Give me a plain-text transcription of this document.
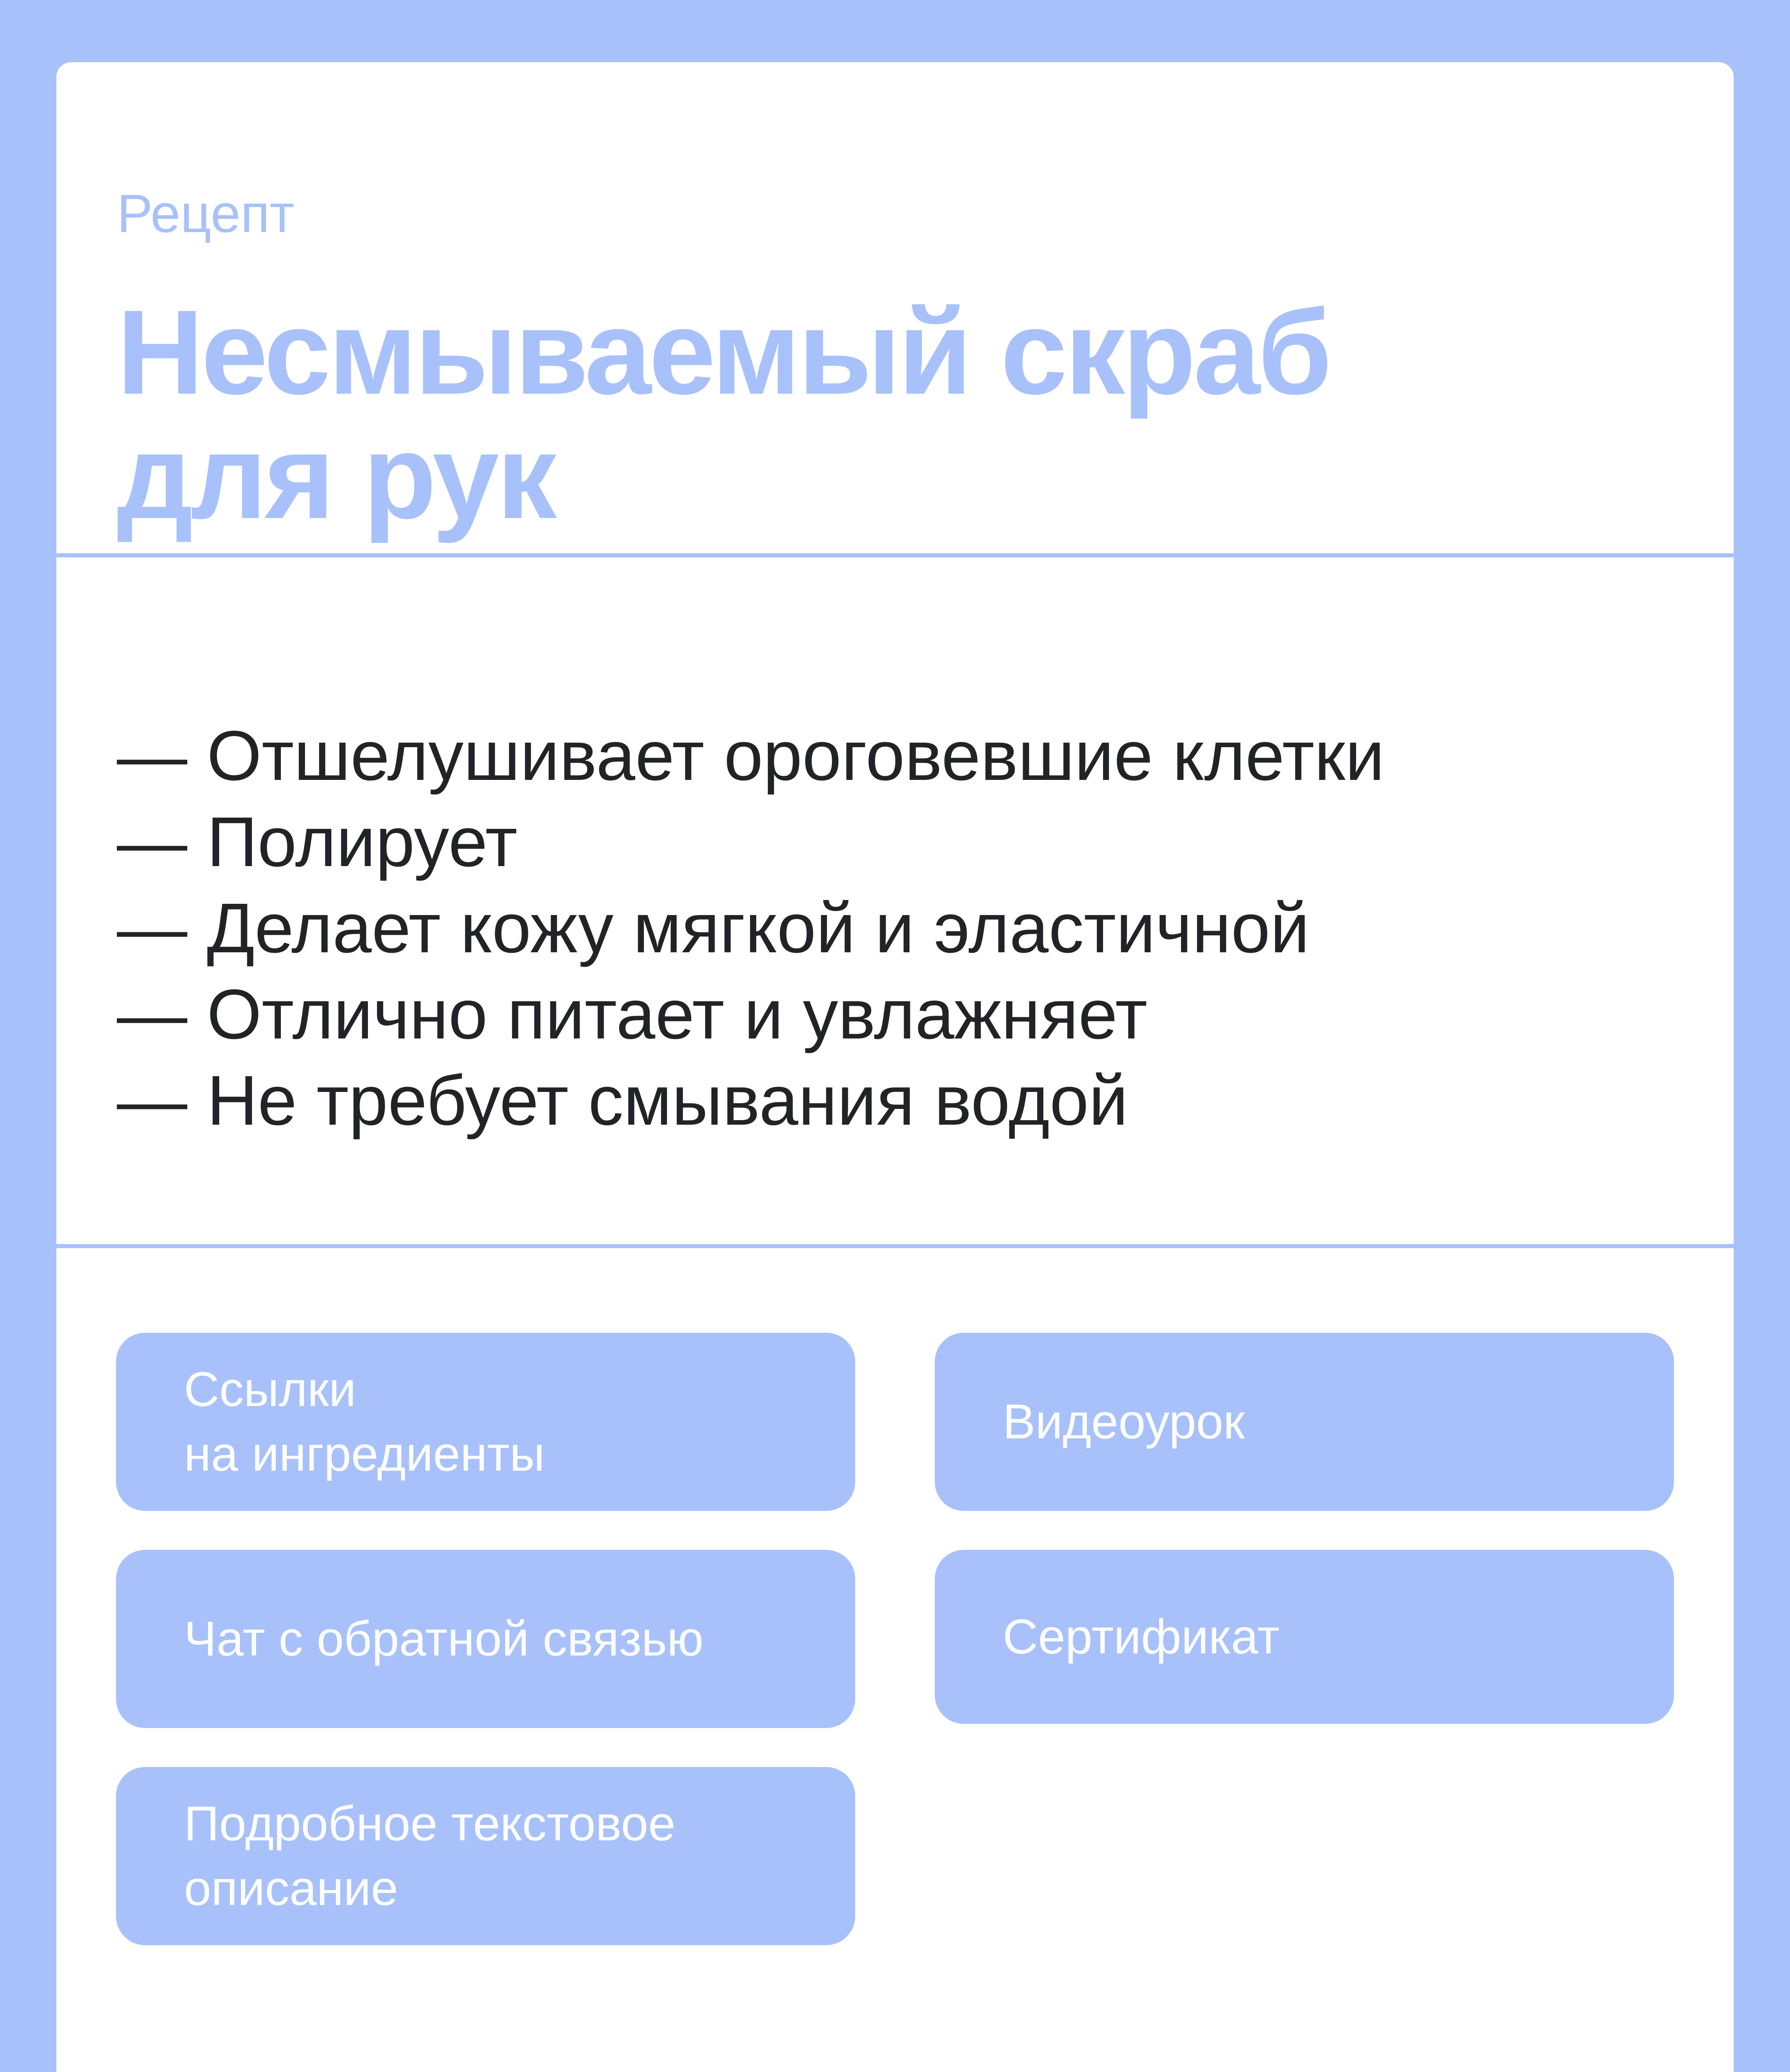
Рецепт
Несмываемый скраб
для рук
— Отшелушивает ороговевшие клетки
— Полирует
— Делает кожу мягкой и эластичной
— Отлично питает и увлажняет
— Не требует смывания водой
Ссылки
на ингредиенты
Видеоурок
Чат с обратной связью	Сертификат
Подробное текстовое
описание
